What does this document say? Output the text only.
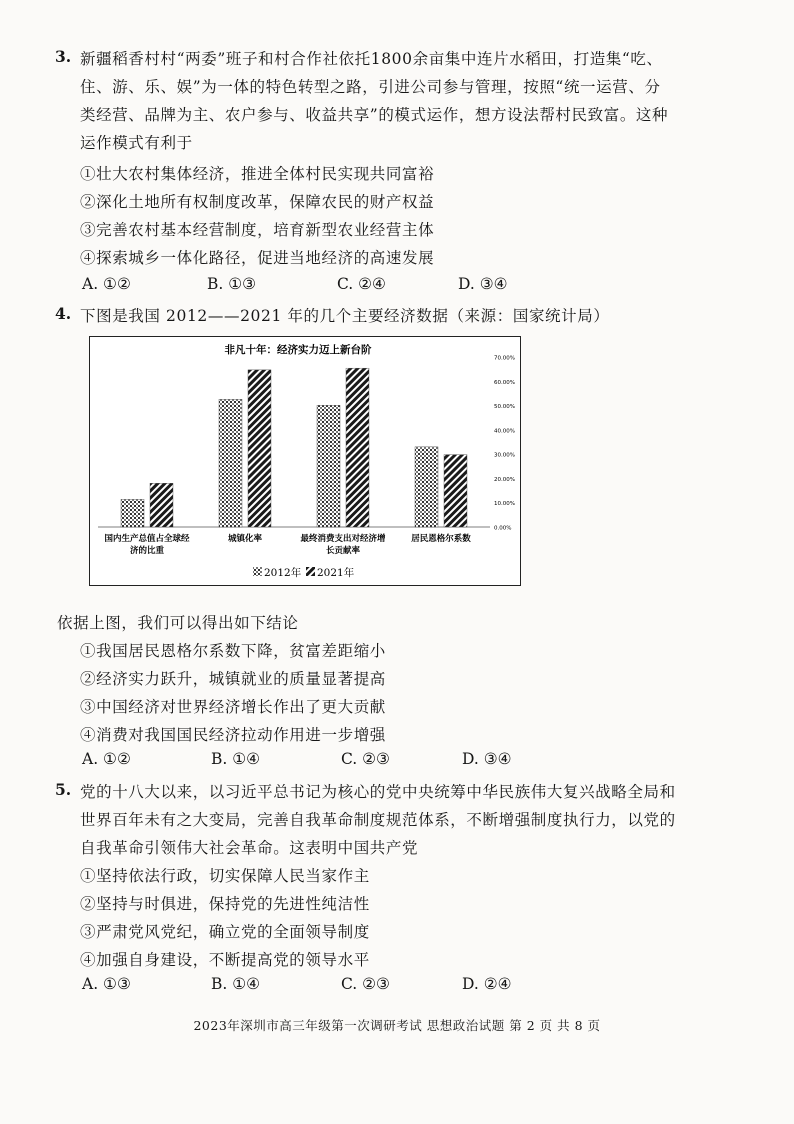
3. 新疆稻香村村“两委”班子和村合作社依托1800余亩集中连片水稻田，打造集“吃、
住、游、乐、娱”为一体的特色转型之路，引进公司参与管理，按照“统一运营、分
类经营、品牌为主、农户参与、收益共享”的模式运作，想方设法帮村民致富。这种
运作模式有利于
①壮大农村集体经济，推进全体村民实现共同富裕
②深化土地所有权制度改革，保障农民的财产权益
③完善农村基本经营制度，培育新型农业经营主体
④探索城乡一体化路径，促进当地经济的高速发展
A. ①②	B. ①③	C. ②④	D. ③④
4. 下图是我国 2012——2021 年的几个主要经济数据（来源：国家统计局）
非凡十年：经济实力迈上新台阶
0.00%
10.00%
20.00%
30.00%
40.00%
50.00%
60.00%
70.00%
国内生产总值占全球经
济的比重
城镇化率	最终消费支出对经济增
长贡献率
居民恩格尔系数
2012年 2021年
依据上图，我们可以得出如下结论
①我国居民恩格尔系数下降，贫富差距缩小
②经济实力跃升，城镇就业的质量显著提高
③中国经济对世界经济增长作出了更大贡献
④消费对我国国民经济拉动作用进一步增强
A. ①②	B. ①④	C. ②③	D. ③④
5. 党的十八大以来，以习近平总书记为核心的党中央统筹中华民族伟大复兴战略全局和
世界百年未有之大变局，完善自我革命制度规范体系，不断增强制度执行力，以党的
自我革命引领伟大社会革命。这表明中国共产党
①坚持依法行政，切实保障人民当家作主
②坚持与时俱进，保持党的先进性纯洁性
③严肃党风党纪，确立党的全面领导制度
④加强自身建设，不断提高党的领导水平
A. ①③	B. ①④	C. ②③	D. ②④
2023年深圳市高三年级第一次调研考试 思想政治试题 第 2 页 共 8 页
